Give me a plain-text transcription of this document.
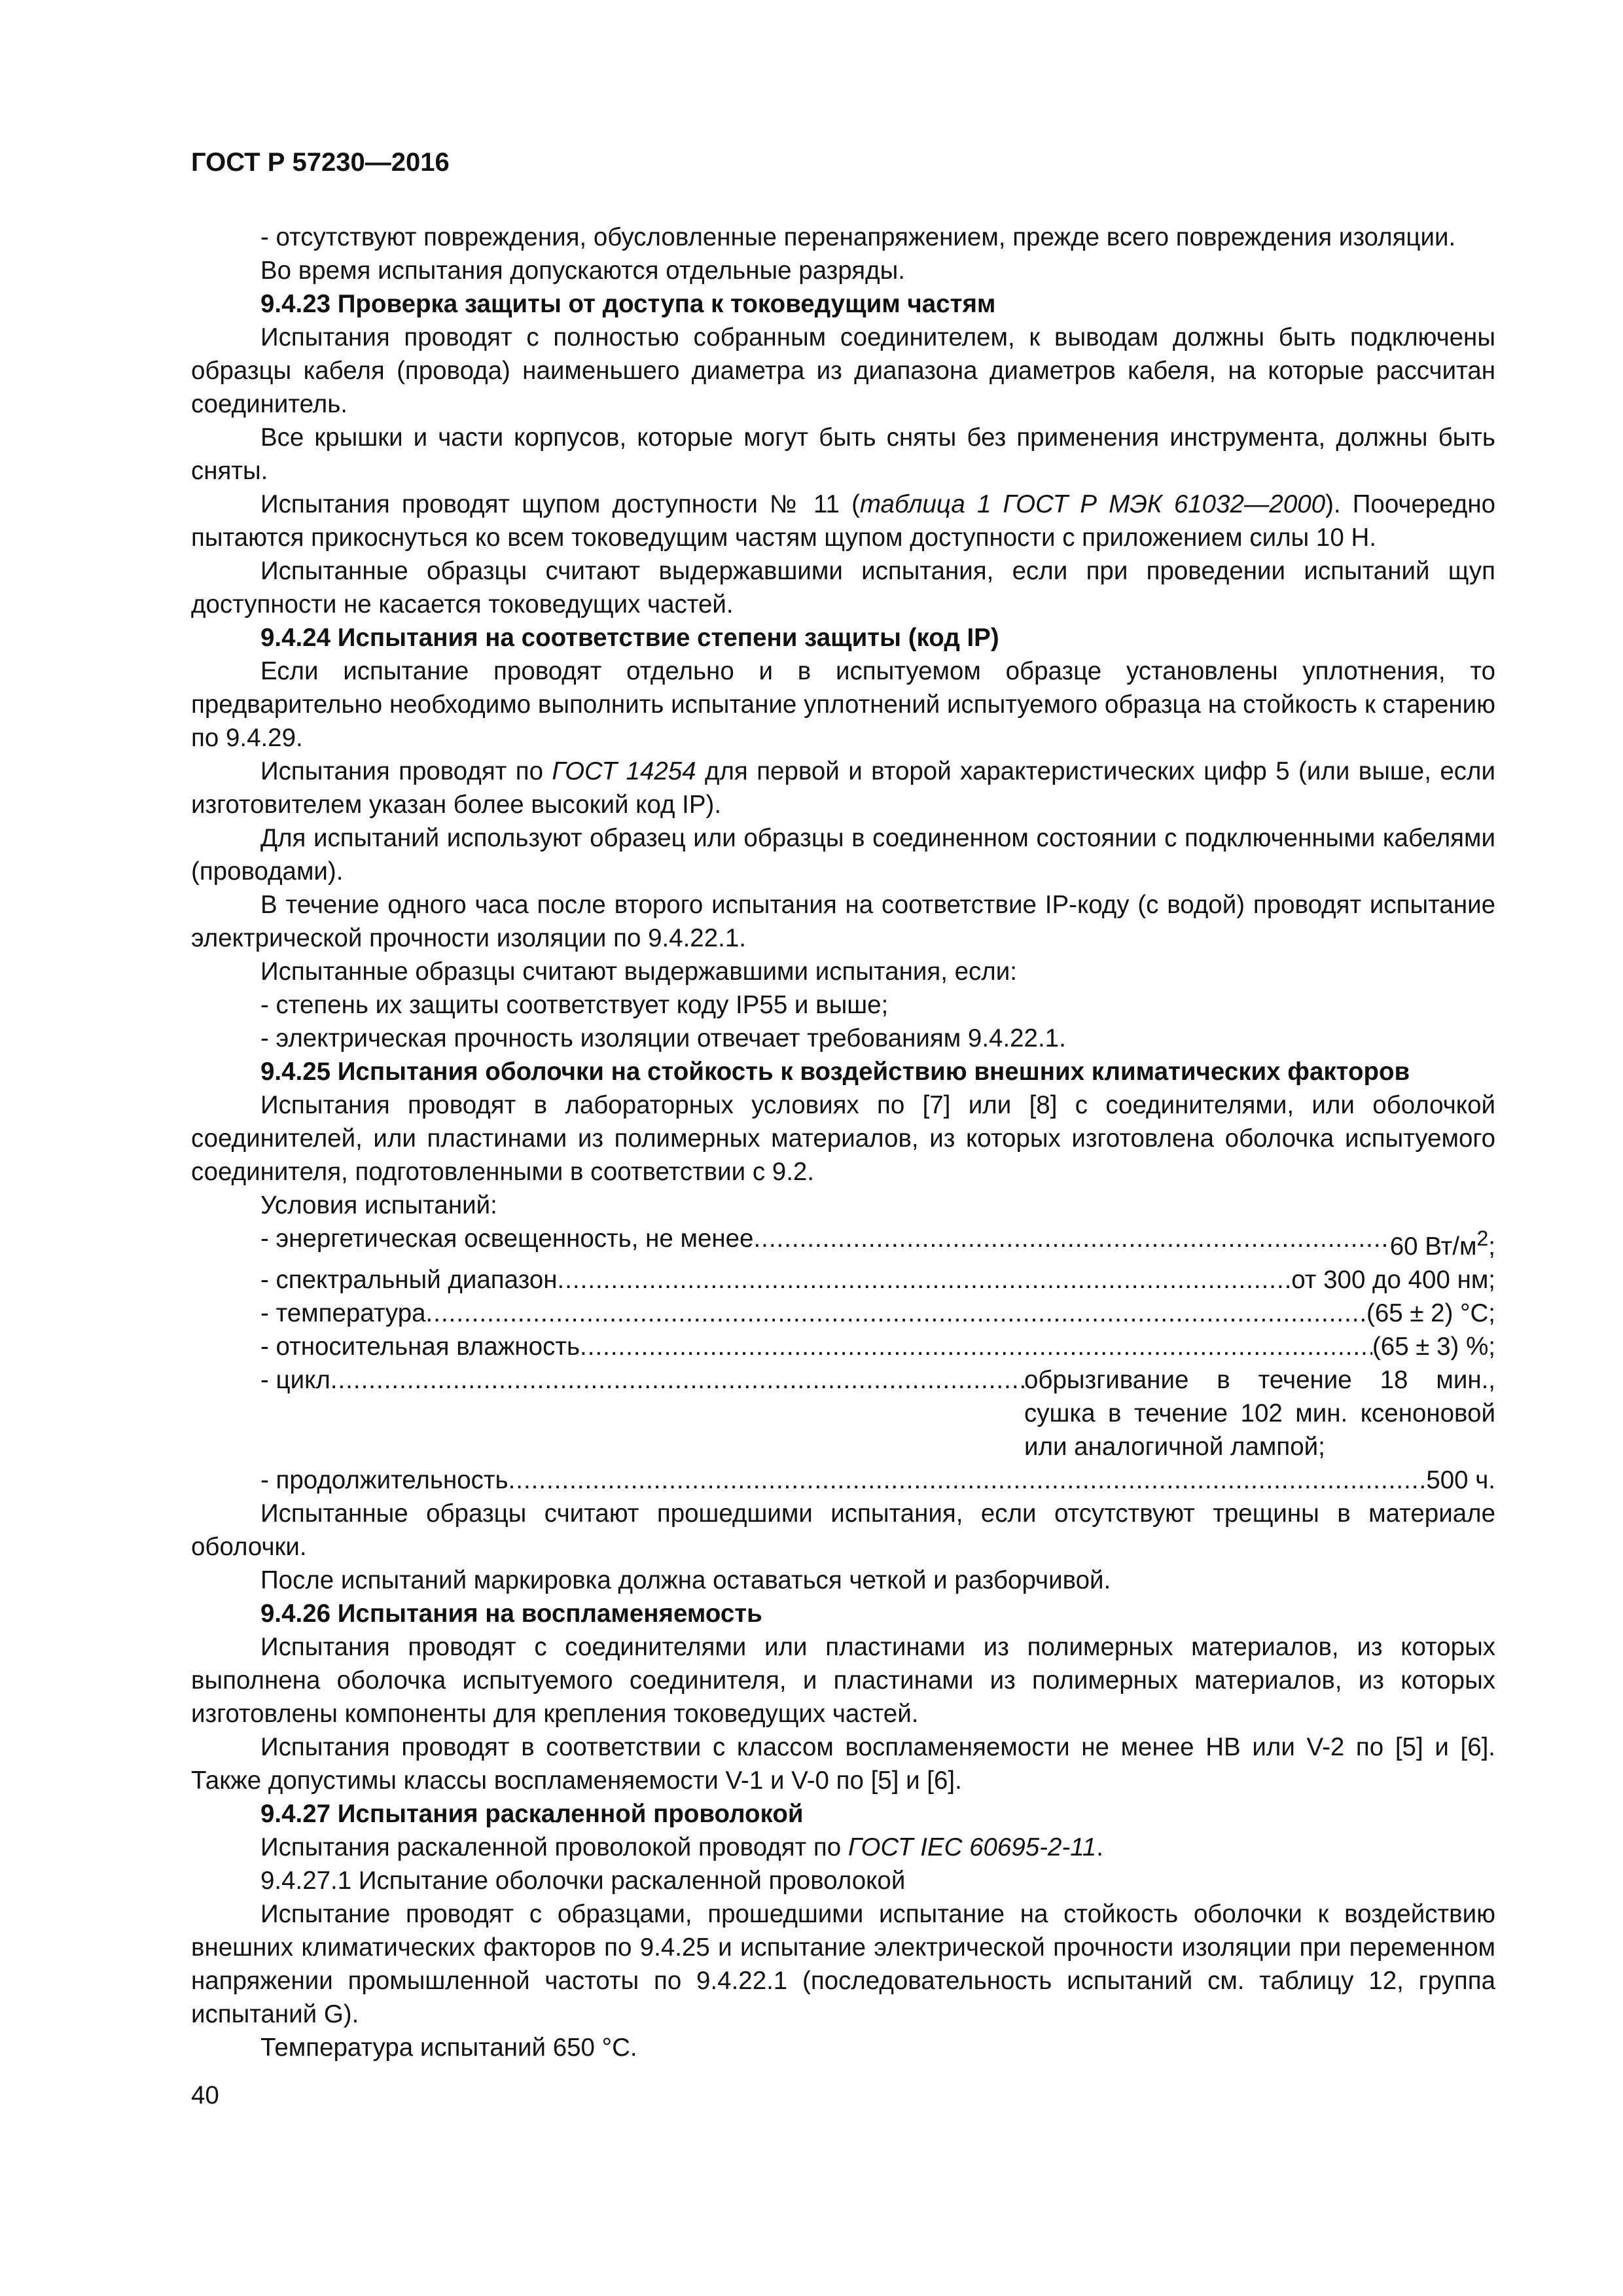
ГОСТ Р 57230—2016

- отсутствуют повреждения, обусловленные перенапряжением, прежде всего повреждения изоляции.

Во время испытания допускаются отдельные разряды.

9.4.23 Проверка защиты от доступа к токоведущим частям

Испытания проводят с полностью собранным соединителем, к выводам должны быть подключены образцы кабеля (провода) наименьшего диаметра из диапазона диаметров кабеля, на которые рассчитан соединитель.

Все крышки и части корпусов, которые могут быть сняты без применения инструмента, должны быть сняты.

Испытания проводят щупом доступности № 11 (таблица 1 ГОСТ Р МЭК 61032—2000). Поочередно пытаются прикоснуться ко всем токоведущим частям щупом доступности с приложением силы 10 Н.

Испытанные образцы считают выдержавшими испытания, если при проведении испытаний щуп доступности не касается токоведущих частей.

9.4.24 Испытания на соответствие степени защиты (код IP)

Если испытание проводят отдельно и в испытуемом образце установлены уплотнения, то предварительно необходимо выполнить испытание уплотнений испытуемого образца на стойкость к старению по 9.4.29.

Испытания проводят по ГОСТ 14254 для первой и второй характеристических цифр 5 (или выше, если изготовителем указан более высокий код IP).

Для испытаний используют образец или образцы в соединенном состоянии с подключенными кабелями (проводами).

В течение одного часа после второго испытания на соответствие IP-коду (с водой) проводят испытание электрической прочности изоляции по 9.4.22.1.

Испытанные образцы считают выдержавшими испытания, если:

- степень их защиты соответствует коду IP55 и выше;

- электрическая прочность изоляции отвечает требованиям 9.4.22.1.

9.4.25 Испытания оболочки на стойкость к воздействию внешних климатических факторов

Испытания проводят в лабораторных условиях по [7] или [8] с соединителями, или оболочкой соединителей, или пластинами из полимерных материалов, из которых изготовлена оболочка испытуемого соединителя, подготовленными в соответствии с 9.2.

Условия испытаний:

- энергетическая освещенность, не менее .....	60 $Вт/м^2$;
- спектральный диапазон .....	от 300 до 400 нм;
- температура .....	(65 ± 2) °С;
- относительная влажность .....	(65 ± 3) %;
- цикл .....	обрызгивание в течение 18 мин.,
сушка в течение 102 мин. ксеноновой
или аналогичной лампой;
- продолжительность .....	500 ч.

Испытанные образцы считают прошедшими испытания, если отсутствуют трещины в материале оболочки.

После испытаний маркировка должна оставаться четкой и разборчивой.

9.4.26 Испытания на воспламеняемость

Испытания проводят с соединителями или пластинами из полимерных материалов, из которых выполнена оболочка испытуемого соединителя, и пластинами из полимерных материалов, из которых изготовлены компоненты для крепления токоведущих частей.

Испытания проводят в соответствии с классом воспламеняемости не менее НВ или V-2 по [5] и [6]. Также допустимы классы воспламеняемости V-1 и V-0 по [5] и [6].

9.4.27 Испытания раскаленной проволокой

Испытания раскаленной проволокой проводят по ГОСТ IEC 60695-2-11.

9.4.27.1 Испытание оболочки раскаленной проволокой

Испытание проводят с образцами, прошедшими испытание на стойкость оболочки к воздействию внешних климатических факторов по 9.4.25 и испытание электрической прочности изоляции при переменном напряжении промышленной частоты по 9.4.22.1 (последовательность испытаний см. таблицу 12, группа испытаний G).

Температура испытаний 650 °С.

40
